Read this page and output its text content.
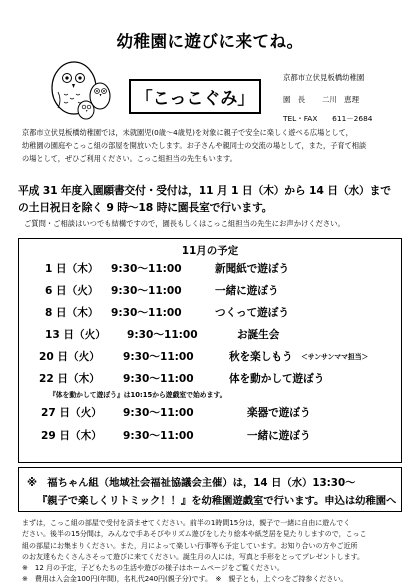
幼稚園に遊びに来てね。
「こっこぐみ」
京都市立伏見板橋幼稚園
園　長 二川　恵理
TEL・FAX　　611－2684
京都市立伏見板橋幼稚園では，未就園児(0歳～4歳児)を対象に親子で安全に楽しく遊べる広場として，
幼稚園の園庭やこっこ組の部屋を開放いたします。お子さんや親同士の交流の場として，また，子育て相談
の場として，ぜひご利用ください。こっこ組担当の先生もいます。
平成 31 年度入園願書交付・受付は，11 月 1 日（木）から 14 日（水）まで
の土日祝日を除く 9 時～18 時に園長室で行います。
ご質問・ご相談はいつでも結構ですので，園長もしくはこっこ組担当の先生にお声かけください。
11月の予定
1 日（木） 9:30～11:00	新聞紙で遊ぼう
6 日（火） 9:30～11:00	一緒に遊ぼう
8 日（木） 9:30～11:00	つくって遊ぼう
13 日（火） 9:30～11:00	お誕生会
20 日（火） 9:30～11:00	秋を楽しもう ＜サンサンママ担当＞
22 日（木） 9:30～11:00	体を動かして遊ぼう
『体を動かして遊ぼう』は10:15から遊戯室で始めます。
27 日（火） 9:30～11:00	楽器で遊ぼう
29 日（木） 9:30～11:00	一緒に遊ぼう
※　福ちゃん組（地域社会福祉協議会主催）は，14 日（水）13:30～
『親子で楽しくリトミック！！』を幼稚園遊戯室で行います。申込は幼稚園へ
まずは，こっこ組の部屋で受付を済ませてください。前半の1時間15分は，親子で一緒に自由に遊んでく
ださい。後半の15分間は，みんなで手あそびやリズム遊びをしたり絵本や紙芝居を見たりしますので，こっこ
組の部屋にお集まりください。また，月によって楽しい行事等も予定しています。お知り合いの方やご近所
のお友達もたくさんさそって遊びに来てください。誕生月の人には，写真と手形をとってプレゼントします。
※　12 月の予定，子どもたちの生活や遊びの様子はホームページをご覧ください。
※　費用は入会金100円(年間)，名札代240円(親子分)です。　※　親子とも，上ぐつをご持参ください。
